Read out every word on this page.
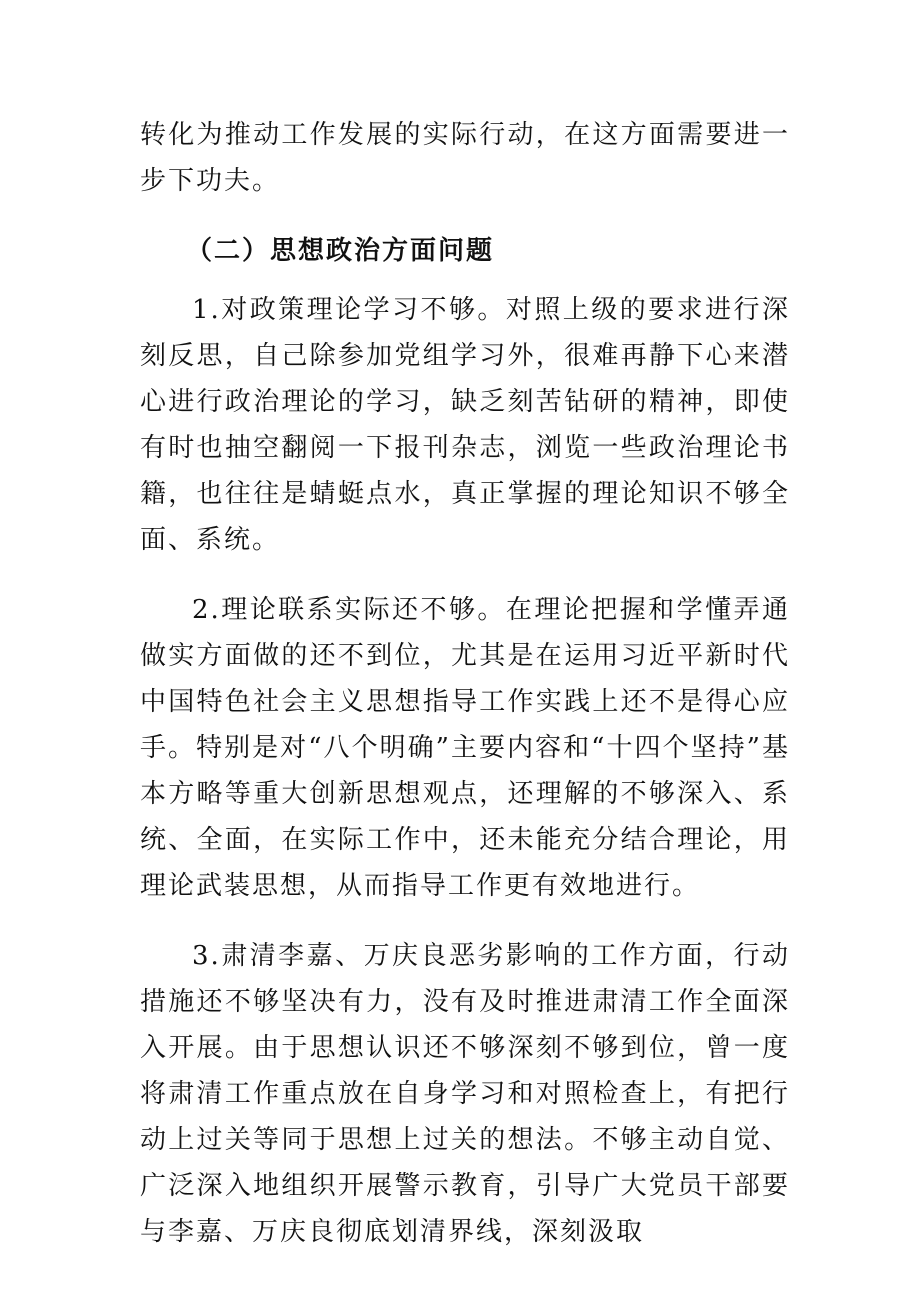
转化为推动工作发展的实际行动，在这方面需要进一步下功夫。

（二）思想政治方面问题

1.对政策理论学习不够。对照上级的要求进行深刻反思，自己除参加党组学习外，很难再静下心来潜心进行政治理论的学习，缺乏刻苦钻研的精神，即使有时也抽空翻阅一下报刊杂志，浏览一些政治理论书籍，也往往是蜻蜓点水，真正掌握的理论知识不够全面、系统。

2.理论联系实际还不够。在理论把握和学懂弄通做实方面做的还不到位，尤其是在运用习近平新时代中国特色社会主义思想指导工作实践上还不是得心应手。特别是对“八个明确”主要内容和“十四个坚持”基本方略等重大创新思想观点，还理解的不够深入、系统、全面，在实际工作中，还未能充分结合理论，用理论武装思想，从而指导工作更有效地进行。

3.肃清李嘉、万庆良恶劣影响的工作方面，行动措施还不够坚决有力，没有及时推进肃清工作全面深入开展。由于思想认识还不够深刻不够到位，曾一度将肃清工作重点放在自身学习和对照检查上，有把行动上过关等同于思想上过关的想法。不够主动自觉、广泛深入地组织开展警示教育，引导广大党员干部要与李嘉、万庆良彻底划清界线，深刻汲取
